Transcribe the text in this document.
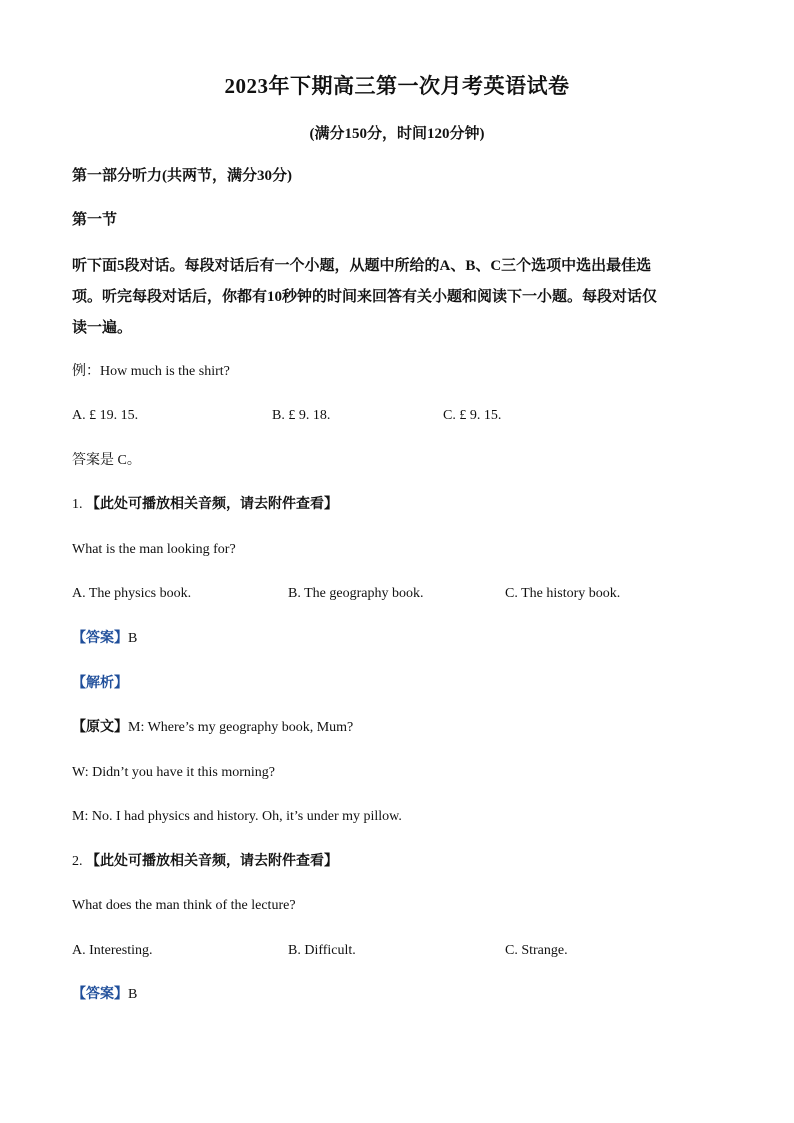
2023年下期高三第一次月考英语试卷
(满分150分，时间120分钟)
第一部分听力(共两节，满分30分)
第一节
听下面5段对话。每段对话后有一个小题，从题中所给的A、B、C三个选项中选出最佳选
项。听完每段对话后，你都有10秒钟的时间来回答有关小题和阅读下一小题。每段对话仅
读一遍。
例：How much is the shirt?
A. £ 19. 15.	B. £ 9. 18.	C. £ 9. 15.
答案是 C。
1. 【此处可播放相关音频，请去附件查看】
What is the man looking for?
A. The physics book.	B. The geography book.	C. The history book.
【答案】B
【解析】
【原文】M: Where’s my geography book, Mum?
W: Didn’t you have it this morning?
M: No. I had physics and history. Oh, it’s under my pillow.
2. 【此处可播放相关音频，请去附件查看】
What does the man think of the lecture?
A. Interesting.	B. Difficult.	C. Strange.
【答案】B
